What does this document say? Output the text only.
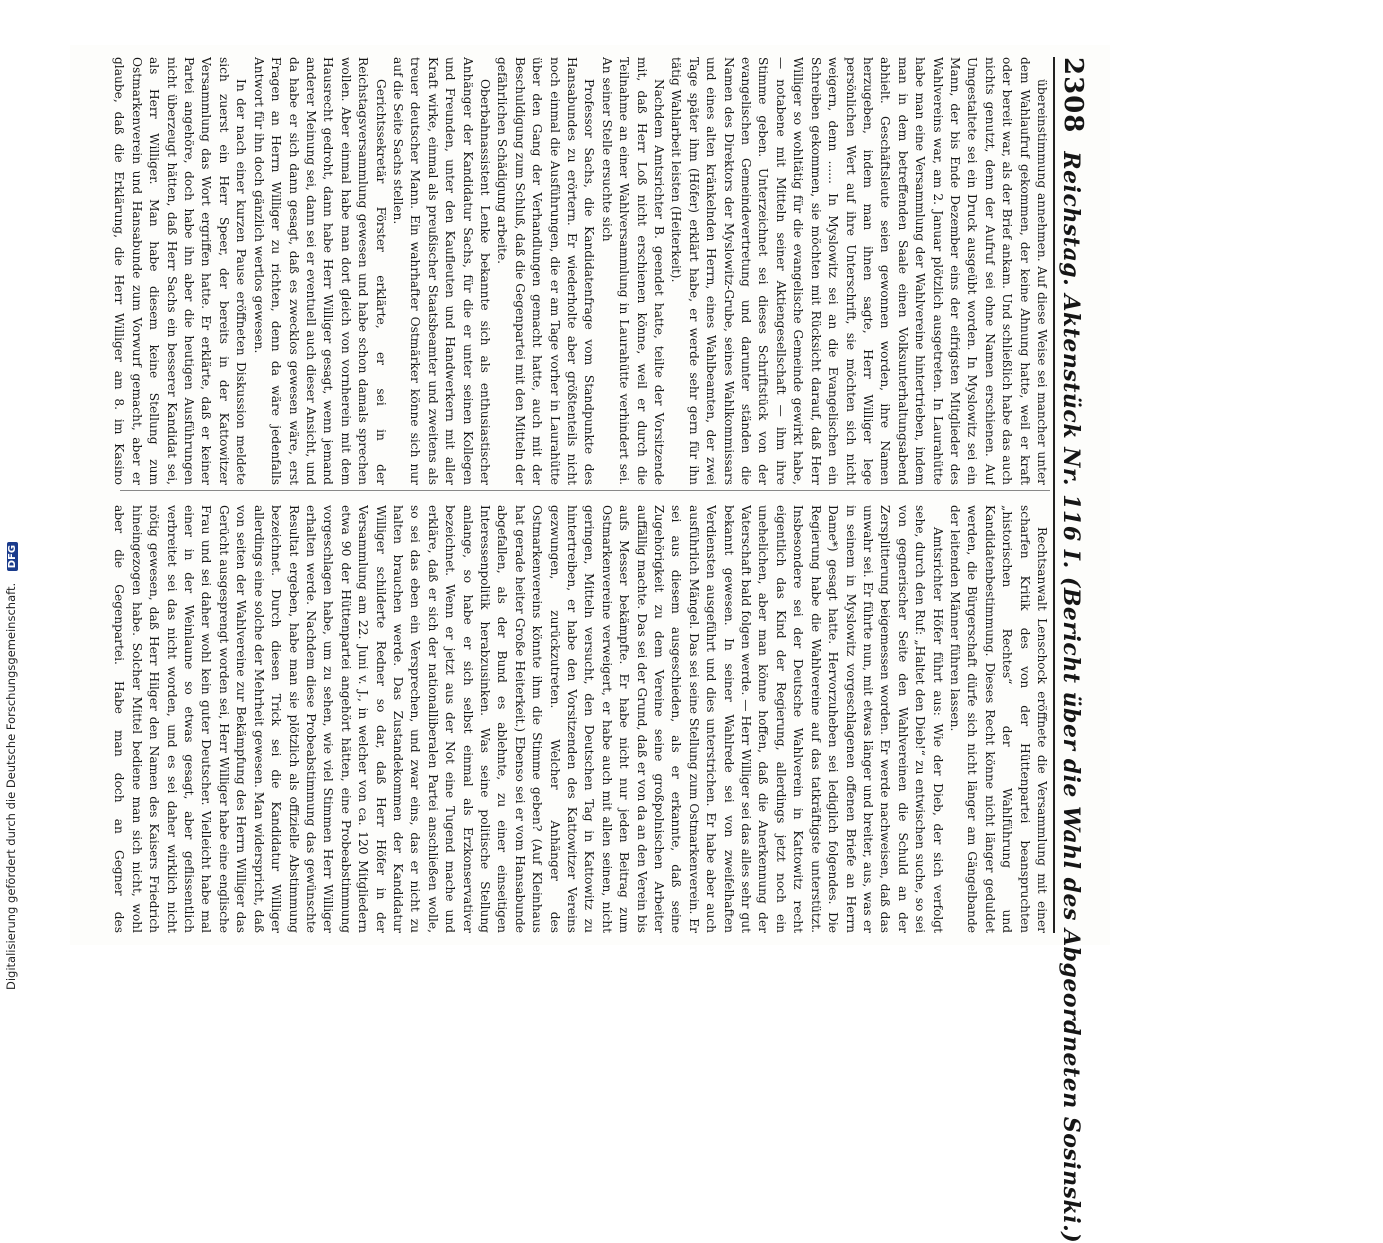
Digitalisierung gefördert durch die Deutsche Forschungsgemeinschaft. DFG
2308
Reichstag. Aktenstück Nr. 116 I. (Bericht über die Wahl des Abgeordneten Sosinski.)

übereinstimmung annehmen. Auf diese Weise sei mancher unter dem Wahlaufruf gekommen, der keine Ahnung hatte, weil er kraft oder bereit war, als der Brief ankam. Und schließlich habe das auch nichts genutzt, denn der Aufruf sei ohne Namen erschienen. Auf Umgestaltete sei ein Druck ausgeübt worden. In Myslowitz sei ein Mann, der bis Ende Dezember eins der eifrigsten Mitglieder des Wahlvereins war, am 2. Januar plötzlich ausgetreten. In Laurahütte habe man eine Versammlung der Wahlvereine hintertrieben, indem man in dem betreffenden Saale einen Volksunterhaltungsabend abhielt. Geschäftsleute seien gewonnen worden, ihre Namen herzugeben, indem man ihnen sagte, Herr Williger lege persönlichen Wert auf ihre Unterschrift, sie möchten sich nicht weigern, denn ...... In Myslowitz sei an die Evangelischen ein Schreiben gekommen, sie möchten mit Rücksicht darauf, daß Herr Williger so wohltätig für die evangelische Gemeinde gewirkt habe, — notabene mit Mitteln seiner Aktiengesellschaft — ihm ihre Stimme geben. Unterzeichnet sei dieses Schriftstück von der evangelischen Gemeindevertretung und darunter ständen die Namen des Direktors der Myslowitz-Grube, seines Wahlkommissars und eines alten kränkelnden Herrn, eines Wahlbeamten, der zwei Tage später ihm (Höfer) erklärt habe, er werde sehr gern für ihn tätig Wahlarbeit leisten (Heiterkeit).

Nachdem Amtsrichter B. geendet hatte, teilte der Vorsitzende mit, daß Herr Loß nicht erschienen könne, weil er durch die Teilnahme an einer Wahlversammlung in Laurahütte verhindert sei. An seiner Stelle ersuchte sich

Professor Sachs, die Kandidatenfrage vom Standpunkte des Hansabundes zu erörtern. Er wiederholte aber größtenteils nicht noch einmal die Ausführungen, die er am Tage vorher in Laurahütte über den Gang der Verhandlungen gemacht hatte, auch mit der Beschuldigung zum Schluß, daß die Gegenpartei mit den Mitteln der gefährlichen Schädigung arbeite.

Oberbahnassistent Lenke bekannte sich als enthusiastischer Anhänger der Kandidatur Sachs, für die er unter seinen Kollegen und Freunden, unter den Kaufleuten und Handwerkern mit aller Kraft wirke, einmal als preußischer Staatsbeamter und zweitens als treuer deutscher Mann. Ein wahrhafter Ostmärker könne sich nur auf die Seite Sachs stellen.

Gerichtssekretär Förster erklärte, er sei in der Reichstagsversammlung gewesen und habe schon damals sprechen wollen. Aber einmal habe man dort gleich von vornherein mit dem Hausrecht gedroht, dann habe Herr Williger gesagt, wenn jemand anderer Meinung sei, dann sei er eventuell auch dieser Ansicht, und da habe er sich dann gesagt, daß es zwecklos gewesen wäre, erst Fragen an Herrn Williger zu richten, denn da wäre jedenfalls Antwort für ihn doch gänzlich wertlos gewesen.

In der nach einer kurzen Pause eröffneten Diskussion meldete sich zuerst ein Herr Speer, der bereits in der Kattowitzer Versammlung das Wort ergriffen hatte. Er erklärte, daß er keiner Partei angehöre, doch habe ihn aber die heutigen Ausführungen nicht überzeugt hätten, daß Herr Sachs ein besserer Kandidat sei, als Herr Williger. Man habe diesem keine Stellung zum Ostmarkenverein und Hansabunde zum Vorwurf gemacht, aber er glaube, daß die Erklärung, die Herr Williger am 8. im Kasino

Rechtsanwalt Lenschock eröffnete die Versammlung mit einer scharfen Kritik des von der Hüttenpartei beanspruchten „historischen Rechtes“ der Wahlführung und Kandidatenbestimmung. Dieses Recht könne nicht länger geduldet werden, die Bürgerschaft dürfe sich nicht länger am Gängelbande der leitenden Männer führen lassen.

Amtsrichter Höfer führt aus: Wie der Dieb, der sich verfolgt sehe, durch den Ruf: „Haltet den Dieb!“ zu entwischen suche, so sei von gegnerischer Seite den Wahlvereinen die Schuld an der Zersplitterung beigemessen worden. Er werde nachweisen, daß das unwahr sei. Er führte nun, mit etwas länger und breiter, aus, was er in seinem in Myslowitz vorgeschlagenen offenen Briefe an Herrn Dame*) gesagt hatte. Hervorzuheben sei lediglich folgendes. Die Regierung habe die Wahlvereine auf das tatkräftigste unterstützt. Insbesondere sei der Deutsche Wahlverein in Kattowitz recht eigentlich das Kind der Regierung, allerdings jetzt noch ein unehelichen, aber man könne hoffen, daß die Anerkennung der Vaterschaft bald folgen werde. — Herr Williger sei das alles sehr gut bekannt gewesen. In seiner Wahlrede sei von zweifelhaften Verdiensten ausgeführt und dies unterstrichen. Er habe aber auch ausführlich Mängel. Das sei seine Stellung zum Ostmarkenverein. Er sei aus diesem ausgeschieden, als er erkannte, daß seine Zugehörigkeit zu dem Vereine seine großpolnischen Arbeiter auffällig machte. Das sei der Grund, daß er von da an den Verein bis aufs Messer bekämpfte. Er habe nicht nur jeden Beitrag zum Ostmarkenvereine verweigert, er habe auch mit allen seinen, nicht geringen, Mitteln versucht, den Deutschen Tag in Kattowitz zu hintertreiben, er habe den Vorsitzenden des Kattowitzer Vereins gezwungen, zurückzutreten. Welcher Anhänger des Ostmarkenvereins könnte ihm die Stimme geben? (Auf Kleinhaus hat gerade heiter Große Heiterkeit.) Ebenso sei er vom Hansabunde abgefallen, als der Bund es ablehnte, zu einer einseitigen Interessenpolitik herabzusinken. Was seine politische Stellung anlange, so habe er sich selbst einmal als Erzkonservativer bezeichnet. Wenn er jetzt aus der Not eine Tugend mache und erkläre, daß er sich der nationalliberalen Partei anschließen wolle, so sei das eben ein Versprechen, und zwar eins, das er nicht zu halten brauchen werde. Das Zustandekommen der Kandidatur Williger schilderte Redner so dar, daß Herr Höfer in der Versammlung am 22. Juni v. J., in welcher von ca. 120 Mitgliedern etwa 90 der Hüttenpartei angehört hätten, eine Probeabstimmung vorgeschlagen habe, um zu sehen, wie viel Stimmen Herr Williger erhalten werde. Nachdem diese Probeabstimmung das gewünschte Resultat ergeben, habe man sie plötzlich als offizielle Abstimmung bezeichnet. Durch diesen Trick sei die Kandidatur Williger allerdings eine solche der Mehrheit gewesen. Man widerspricht, daß von seiten der Wahlvereine zur Bekämpfung des Herrn Williger das Gerücht ausgesprengt worden sei, Herr Williger habe eine englische Frau und sei daher wohl kein guter Deutscher. Vielleicht habe mal einer in der Weinlaune so etwas gesagt, aber geflissentlich verbreitet sei das nicht worden, und es sei daher wirklich nicht nötig gewesen, daß Herr Hilger den Namen des Kaisers Friedrich hineingezogen habe. Solcher Mittel bediene man sich nicht, wohl aber die Gegenpartei. Habe man doch an Gegner des
